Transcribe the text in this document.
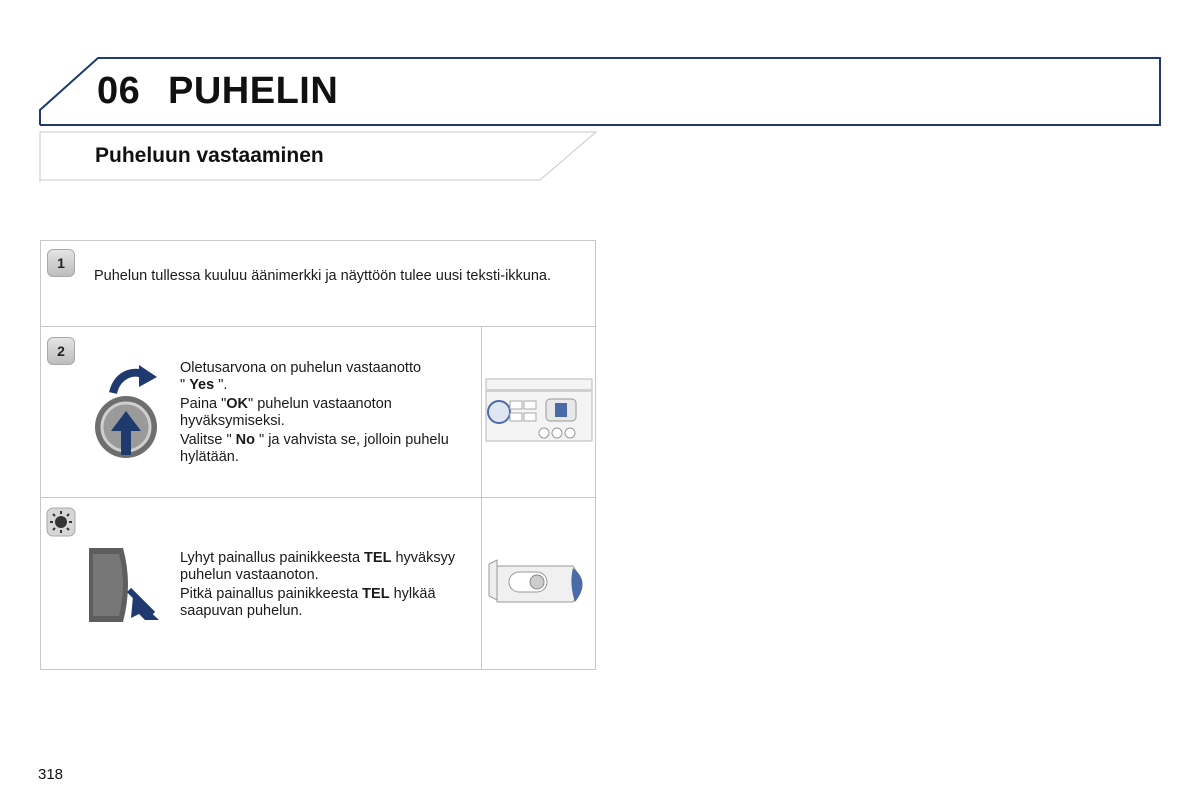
06 PUHELIN
Puheluun vastaaminen
1
Puhelun tullessa kuuluu äänimerkki ja näyttöön tulee uusi teksti-ikkuna.
2

Oletusarvona on puhelun vastaanotto
" Yes ".

Paina "OK" puhelun vastaanoton hyväksymiseksi.

Valitse " No " ja vahvista se, jolloin puhelu hylätään.

Lyhyt painallus painikkeesta TEL hyväksyy puhelun vastaanoton.

Pitkä painallus painikkeesta TEL hylkää saapuvan puhelun.

318
